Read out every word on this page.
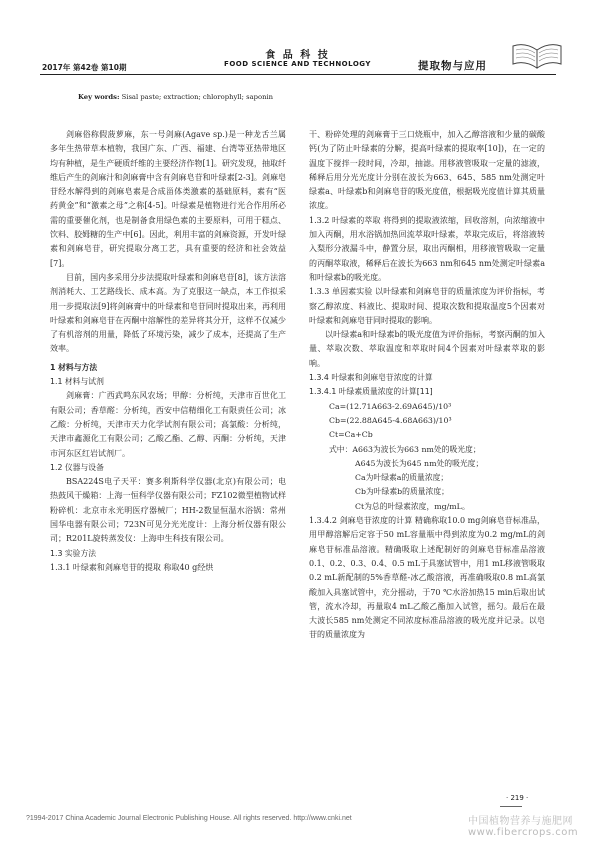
2017年 第42卷 第10期
食 品 科 技
FOOD SCIENCE AND TECHNOLOGY	提取物与应用
Key words: Sisal paste; extraction; chlorophyll; saponin
剑麻俗称假菠萝麻，东一号剑麻(Agave sp.)是一种龙舌兰属多年生热带草本植物，我国广东、广西、福建、台湾等亚热带地区均有种植，是生产硬质纤维的主要经济作物[1]。研究发现，抽取纤维后产生的剑麻汁和剑麻膏中含有剑麻皂苷和叶绿素[2-3]。剑麻皂苷经水解得到的剑麻皂素是合成甾体类激素的基础原料，素有“医药黄金”和“激素之母”之称[4-5]。叶绿素是植物进行光合作用所必需的重要催化剂，也是制备食用绿色素的主要原料，可用于糕点、饮料、胶姆糖的生产中[6]。因此，利用丰富的剑麻资源，开发叶绿素和剑麻皂苷，研究提取分离工艺，具有重要的经济和社会效益[7]。
目前，国内多采用分步法提取叶绿素和剑麻皂苷[8]，该方法溶剂消耗大、工艺路线长、成本高。为了克服这一缺点，本工作拟采用一步提取法[9]将剑麻膏中的叶绿素和皂苷同时提取出来，再利用叶绿素和剑麻皂苷在丙酮中溶解性的差异将其分开，这样不仅减少了有机溶剂的用量，降低了环境污染，减少了成本，还提高了生产效率。
1 材料与方法
1.1 材料与试剂
剑麻膏：广西武鸣东风农场；甲醇：分析纯，天津市百世化工有限公司；香草醛：分析纯，西安中信精细化工有限责任公司；冰乙酸：分析纯，天津市天力化学试剂有限公司；高氯酸：分析纯，天津市鑫源化工有限公司；乙酸乙酯、乙醇、丙酮：分析纯，天津市河东区红岩试剂厂。
1.2 仪器与设备
BSA224S电子天平：赛多利斯科学仪器(北京)有限公司；电热鼓风干燥箱：上海一恒科学仪器有限公司；FZ102微型植物试样粉碎机：北京市永光明医疗器械厂；HH-2数显恒温水浴锅：常州国华电器有限公司；723N可见分光光度计：上海分析仪器有限公司；R201L旋转蒸发仪：上海申生科技有限公司。
1.3 实验方法
1.3.1 叶绿素和剑麻皂苷的提取 称取40 g经烘
干、粉碎处理的剑麻膏于三口烧瓶中，加入乙醇溶液和少量的碳酸钙(为了防止叶绿素的分解，提高叶绿素的提取率[10])，在一定的温度下搅拌一段时间，冷却，抽滤。用移液管吸取一定量的滤液，稀释后用分光光度计分别在波长为663、645、585 nm处测定叶绿素a、叶绿素b和剑麻皂苷的吸光度值，根据吸光度值计算其质量浓度。
1.3.2 叶绿素的萃取 将得到的提取液浓缩，回收溶剂，向浓缩液中加入丙酮，用水浴锅加热回流萃取叶绿素，萃取完成后，将溶液转入梨形分液漏斗中，静置分层，取出丙酮相，用移液管吸取一定量的丙酮萃取液，稀释后在波长为663 nm和645 nm处测定叶绿素a和叶绿素b的吸光度。
1.3.3 单因素实验 以叶绿素和剑麻皂苷的质量浓度为评价指标，考察乙醇浓度、料液比、提取时间、提取次数和提取温度5个因素对叶绿素和剑麻皂苷同时提取的影响。
以叶绿素a和叶绿素b的吸光度值为评价指标，考察丙酮的加入量、萃取次数、萃取温度和萃取时间4个因素对叶绿素萃取的影响。
1.3.4 叶绿素和剑麻皂苷浓度的计算
1.3.4.1 叶绿素质量浓度的计算[11]
Ca=(12.71A663-2.69A645)/10³
Cb=(22.88A645-4.68A663)/10³
Ct=Ca+Cb
式中：A663为波长为663 nm处的吸光度；
A645为波长为645 nm处的吸光度；
Ca为叶绿素a的质量浓度；
Cb为叶绿素b的质量浓度；
Ct为总的叶绿素浓度，mg/mL。
1.3.4.2 剑麻皂苷浓度的计算 精确称取10.0 mg剑麻皂苷标准品，用甲醇溶解后定容于50 mL容量瓶中得到浓度为0.2 mg/mL的剑麻皂苷标准品溶液。精确吸取上述配制好的剑麻皂苷标准品溶液0.1、0.2、0.3、0.4、0.5 mL于具塞试管中，用1 mL移液管吸取0.2 mL新配制的5%香草醛-冰乙酸溶液，再准确吸取0.8 mL高氯酸加入具塞试管中，充分摇动，于70 ℃水浴加热15 min后取出试管，流水冷却，再量取4 mL乙酸乙酯加入试管，摇匀。最后在最大波长585 nm处测定不同浓度标准品溶液的吸光度并记录。以皂苷的质量浓度为
· 219 ·
?1994-2017 China Academic Journal Electronic Publishing House. All rights reserved. http://www.cnki.net	中国植物营养与施肥网 www.fibercrops.com
